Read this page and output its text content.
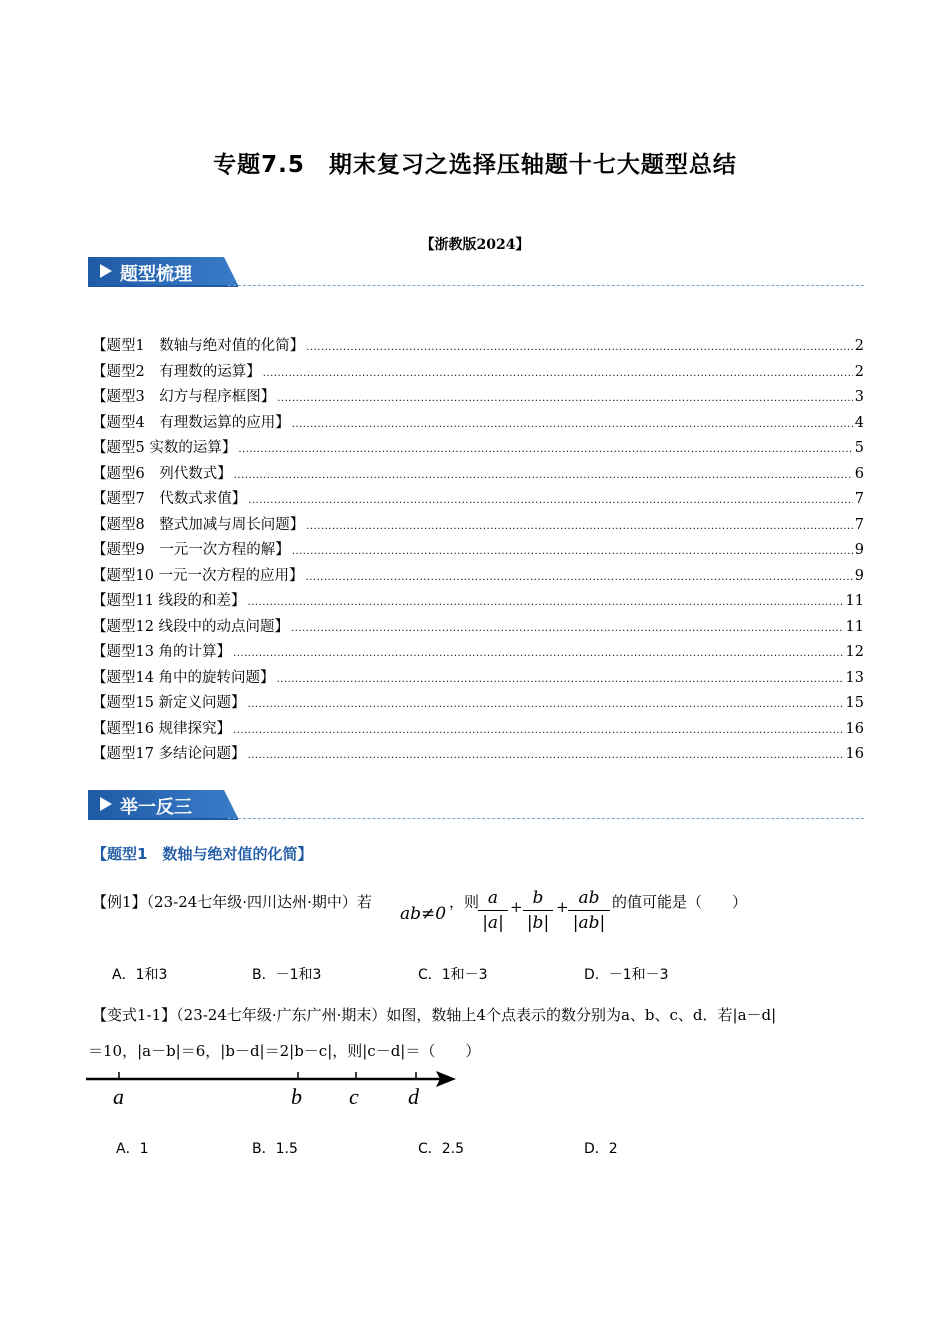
专题7.5　期末复习之选择压轴题十七大题型总结
【浙教版2024】
题型梳理
【题型1　数轴与绝对值的化简】 .....	2
【题型2　有理数的运算】 .....	2
【题型3　幻方与程序框图】 .....	3
【题型4　有理数运算的应用】 .....	4
【题型5 实数的运算】 .....	5
【题型6　列代数式】 .....	6
【题型7　代数式求值】 .....	7
【题型8　整式加减与周长问题】 .....	7
【题型9　一元一次方程的解】 .....	9
【题型10 一元一次方程的应用】 .....	9
【题型11 线段的和差】 .....	11
【题型12 线段中的动点问题】 .....	11
【题型13 角的计算】 .....	12
【题型14 角中的旋转问题】 .....	13
【题型15 新定义问题】 .....	15
【题型16 规律探究】 .....	16
【题型17 多结论问题】 .....	16
举一反三
【题型1　数轴与绝对值的化简】
【例1】（23-24七年级·四川达州·期中）若
ab≠0
，则 a
|a|
+ b
|b|
+ ab
|ab|
的值可能是（　　）
A．1和3	B．－1和3	C．1和－3	D．－1和－3
【变式1-1】（23-24七年级·广东广州·期末）如图，数轴上4个点表示的数分别为a、b、c、d．若|a－d|
＝10，|a－b|＝6，|b－d|＝2|b－c|，则|c－d|＝（　　）
a	b c d
A．1	B．1.5	C．2.5	D．2
